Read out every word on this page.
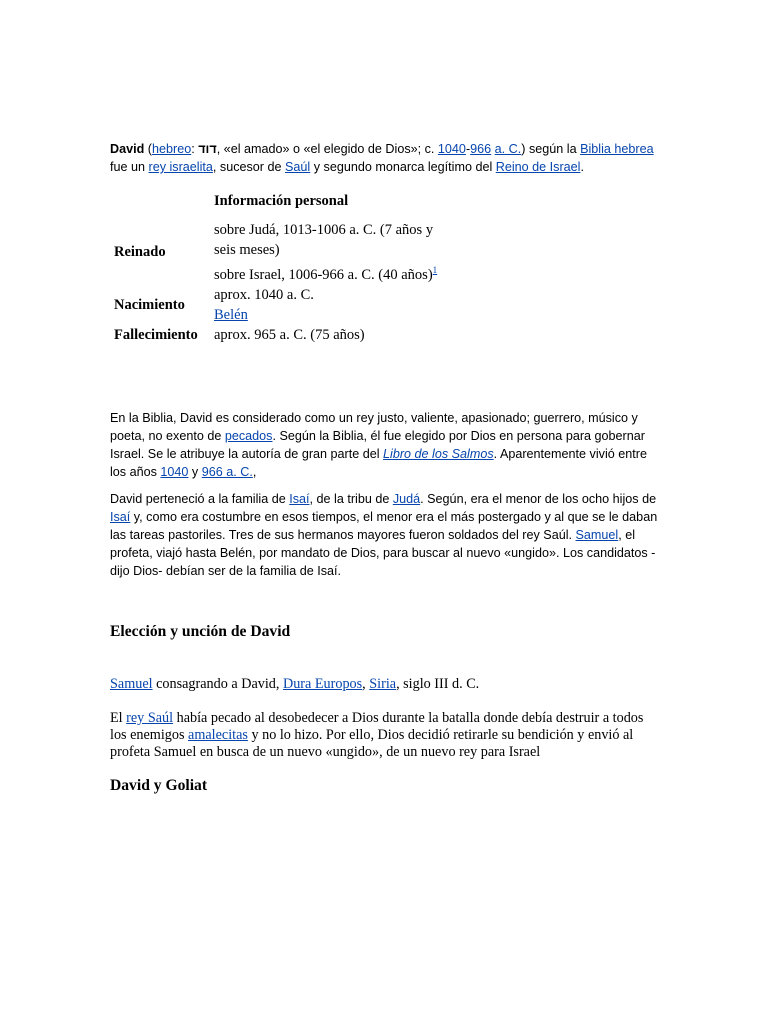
David (hebreo: דוד, «el amado» o «el elegido de Dios»; c. 1040-966 a. C.) según la Biblia hebrea fue un rey israelita, sucesor de Saúl y segundo monarca legítimo del Reino de Israel.

	Información personal
Reinado	sobre Judá, 1013-1006 a. C. (7 años y seis meses)
sobre Israel, 1006-966 a. C. (40 años)$^1$

Nacimiento	aprox. 1040 a. C.
Belén

Fallecimiento	aprox. 965 a. C. (75 años)

En la Biblia, David es considerado como un rey justo, valiente, apasionado; guerrero, músico y poeta, no exento de pecados. Según la Biblia, él fue elegido por Dios en persona para gobernar Israel. Se le atribuye la autoría de gran parte del Libro de los Salmos. Aparentemente vivió entre los años 1040 y 966 a. C.,

David perteneció a la familia de Isaí, de la tribu de Judá. Según, era el menor de los ocho hijos de Isaí y, como era costumbre en esos tiempos, el menor era el más postergado y al que se le daban las tareas pastoriles. Tres de sus hermanos mayores fueron soldados del rey Saúl. Samuel, el profeta, viajó hasta Belén, por mandato de Dios, para buscar al nuevo «ungido». Los candidatos -dijo Dios- debían ser de la familia de Isaí.

Elección y unción de David

Samuel consagrando a David, Dura Europos, Siria, siglo III d. C.

El rey Saúl había pecado al desobedecer a Dios durante la batalla donde debía destruir a todos los enemigos amalecitas y no lo hizo. Por ello, Dios decidió retirarle su bendición y envió al profeta Samuel en busca de un nuevo «ungido», de un nuevo rey para Israel

David y Goliat
